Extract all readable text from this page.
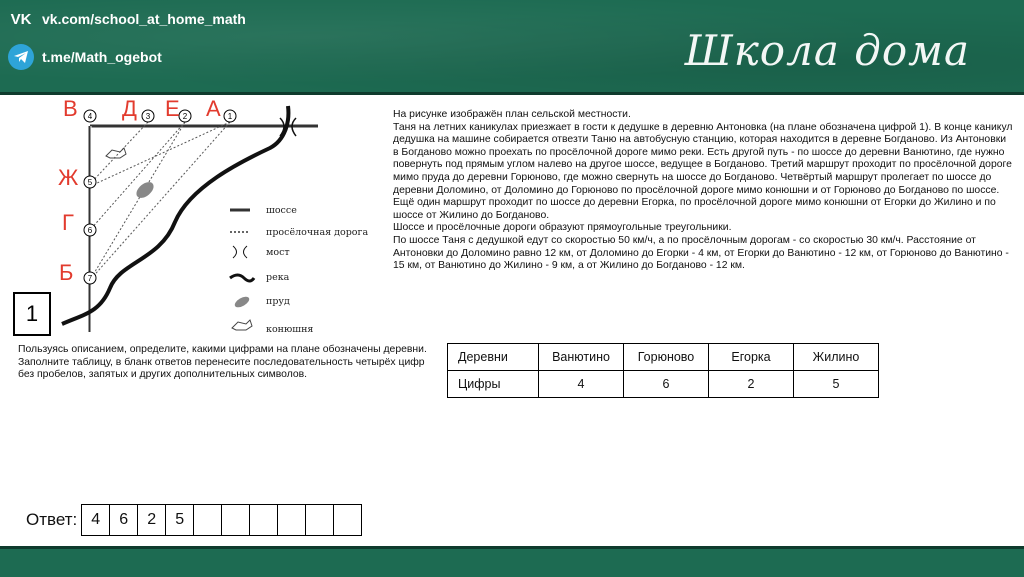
VK vk.com/school_at_home_math
t.me/Math_ogebot	Школа дома
4	3	2	1
5
6
7
шоссе
просёлочная дорога
мост
река
пруд
конюшня
В Д Е А
Ж
Г
Б
1

На рисунке изображён план сельской местности.

Таня на летних каникулах приезжает в гости к дедушке в деревню Антоновка (на плане обозначена цифрой 1). В конце каникул дедушка на машине собирается отвезти Таню на автобусную станцию, которая находится в деревне Богданово. Из Антоновки в Богданово можно проехать по просёлочной дороге мимо реки. Есть другой путь - по шоссе до деревни Ванютино, где нужно повернуть под прямым углом налево на другое шоссе, ведущее в Богданово. Третий маршрут проходит по просёлочной дороге мимо пруда до деревни Горюново, где можно свернуть на шоссе до Богданово. Четвёртый маршрут пролегает по шоссе до деревни Доломино, от Доломино до Горюново по просёлочной дороге мимо конюшни и от Горюново до Богданово по шоссе. Ещё один маршрут проходит по шоссе до деревни Егорка, по просёлочной дороге мимо конюшни от Егорки до Жилино и по шоссе от Жилино до Богданово.

Шоссе и просёлочные дороги образуют прямоугольные треугольники.

По шоссе Таня с дедушкой едут со скоростью 50 км/ч, а по просёлочным дорогам - со скоростью 30 км/ч. Расстояние от Антоновки до Доломино равно 12 км, от Доломино до Егорки - 4 км, от Егорки до Ванютино - 12 км, от Горюново до Ванютино - 15 км, от Ванютино до Жилино - 9 км, а от Жилино до Богданово - 12 км.

Пользуясь описанием, определите, какими цифрами на плане обозначены деревни.

Заполните таблицу, в бланк ответов перенесите последовательность четырёх цифр без пробелов, запятых и других дополнительных символов.

Деревни	Ванютино	Горюново	Егорка	Жилино
Цифры	4	6	2	5
Ответ: 4	6	2	5
